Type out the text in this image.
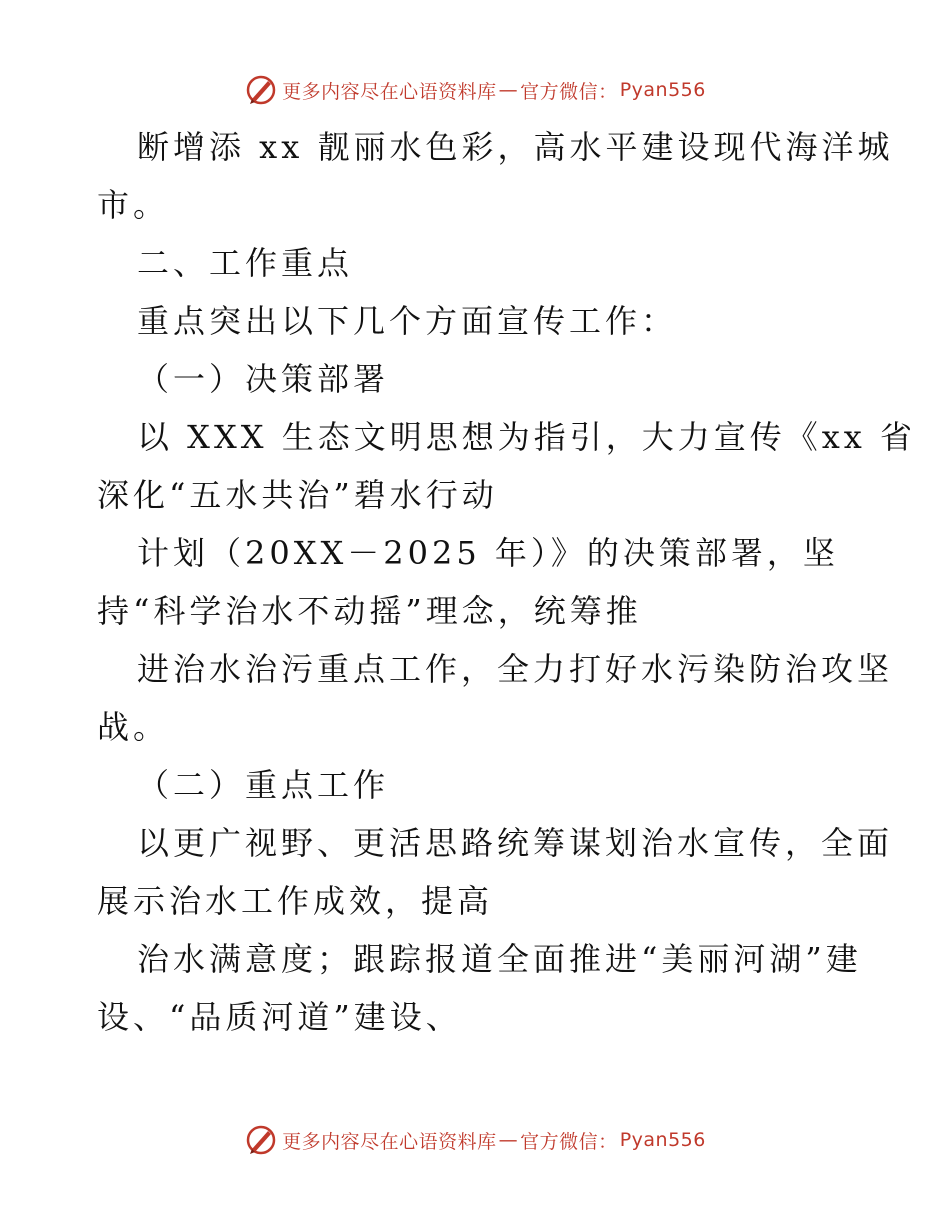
更多内容尽在心语资料库 — 官方微信： Pyan556

断增添 xx 靓丽水色彩，高水平建设现代海洋城

市。

二、工作重点

重点突出以下几个方面宣传工作：

（一）决策部署

以 XXX 生态文明思想为指引，大力宣传《xx 省

深化“五水共治”碧水行动

计划（20XX－2025 年）》的决策部署，坚

持“科学治水不动摇”理念，统筹推

进治水治污重点工作，全力打好水污染防治攻坚

战。

（二）重点工作

以更广视野、更活思路统筹谋划治水宣传，全面

展示治水工作成效，提高

治水满意度；跟踪报道全面推进“美丽河湖”建

设、“品质河道”建设、

更多内容尽在心语资料库 — 官方微信： Pyan556
